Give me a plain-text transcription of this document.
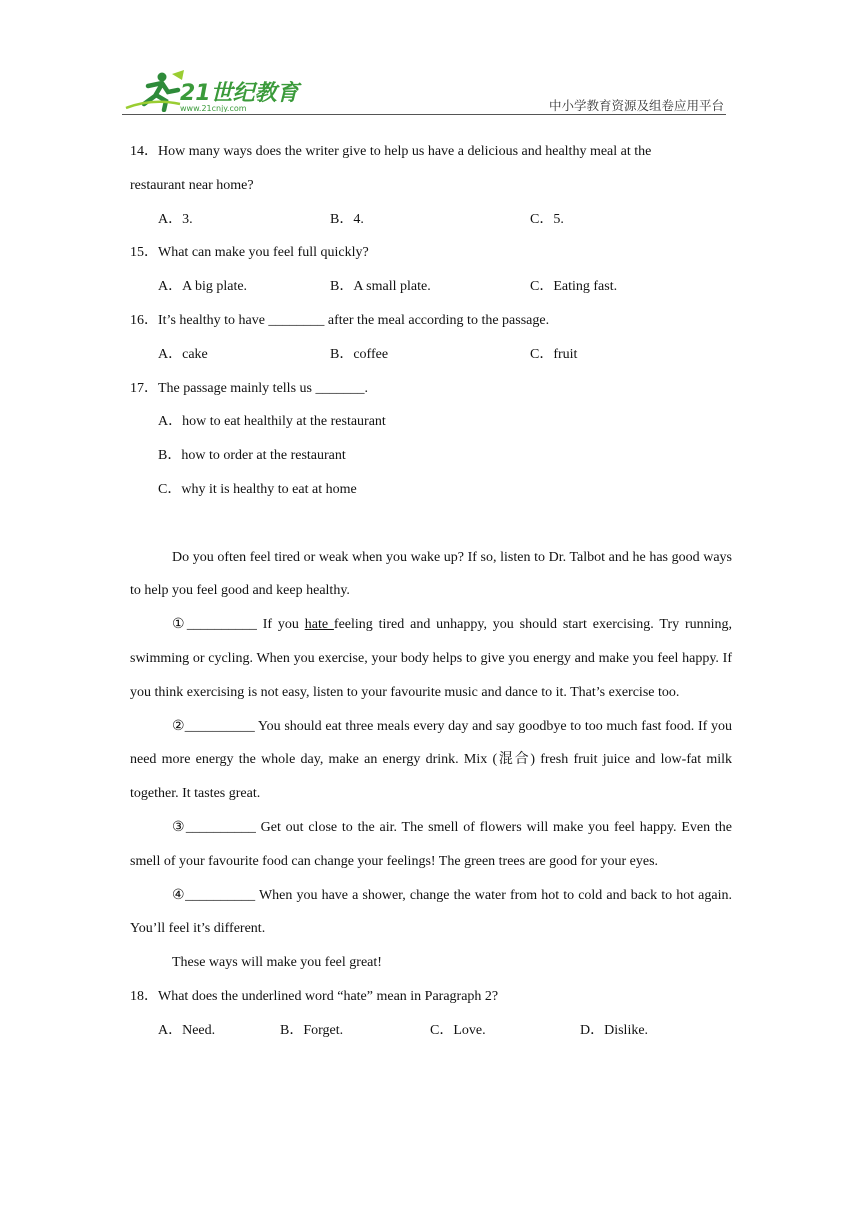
21世纪教育
www.21cnjy.com	中小学教育资源及组卷应用平台
14．How many ways does the writer give to help us have a delicious and healthy meal at the
restaurant near home?
A．3.	B．4.	C．5.
15．What can make you feel full quickly?
A．A big plate.	B．A small plate.	C．Eating fast.
16．It’s healthy to have ________ after the meal according to the passage.
A．cake	B．coffee	C．fruit
17．The passage mainly tells us _______.
A．how to eat healthily at the restaurant
B．how to order at the restaurant
C．why it is healthy to eat at home

Do you often feel tired or weak when you wake up? If so, listen to Dr. Talbot and he has good ways to help you feel good and keep healthy.

①__________ If you hate feeling tired and unhappy, you should start exercising. Try running, swimming or cycling. When you exercise, your body helps to give you energy and make you feel happy. If you think exercising is not easy, listen to your favourite music and dance to it. That’s exercise too.

②__________ You should eat three meals every day and say goodbye to too much fast food. If you need more energy the whole day, make an energy drink. Mix (混合) fresh fruit juice and low-fat milk together. It tastes great.

③__________ Get out close to the air. The smell of flowers will make you feel happy. Even the smell of your favourite food can change your feelings! The green trees are good for your eyes.

④__________ When you have a shower, change the water from hot to cold and back to hot again. You’ll feel it’s different.

These ways will make you feel great!

18．What does the underlined word “hate” mean in Paragraph 2?
A．Need.	B．Forget.	C．Love.	D．Dislike.
